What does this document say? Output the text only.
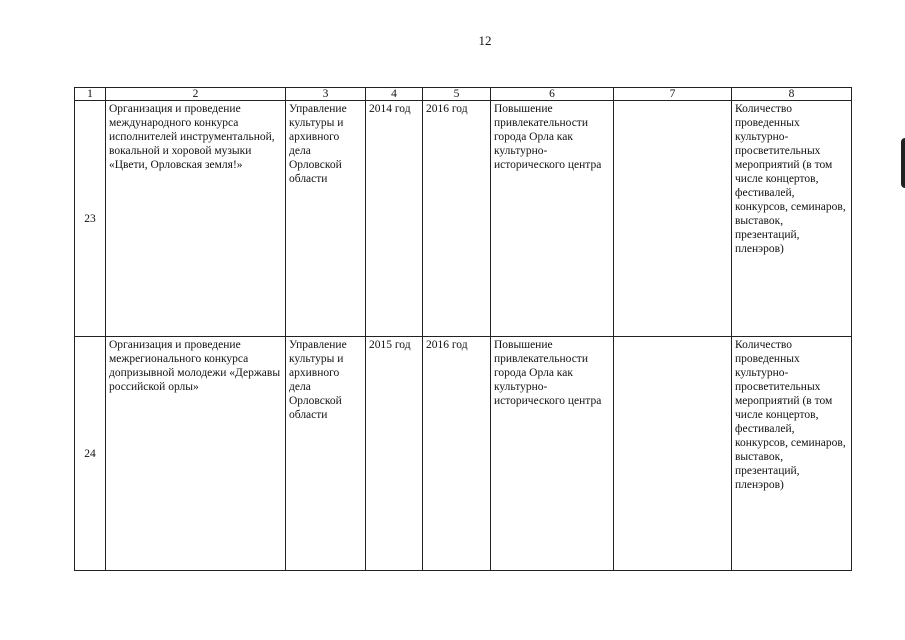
12
1	2	3	4	5	6	7	8
23	Организация и проведение международного конкурса исполнителей инструментальной, вокальной и хоровой музыки «Цвети, Орловская земля!»	Управление культуры и архивного дела Орловской области	2014 год	2016 год	Повышение привлекательности города Орла как культурно-исторического центра		Количество проведенных культурно-просветительных мероприятий (в том числе концертов, фестивалей, конкурсов, семинаров, выставок, презентаций, пленэров)
24	Организация и проведение межрегионального конкурса допризывной молодежи «Державы российской орлы»	Управление культуры и архивного дела Орловской области	2015 год	2016 год	Повышение привлекательности города Орла как культурно-исторического центра		Количество проведенных культурно-просветительных мероприятий (в том числе концертов, фестивалей, конкурсов, семинаров, выставок, презентаций, пленэров)
